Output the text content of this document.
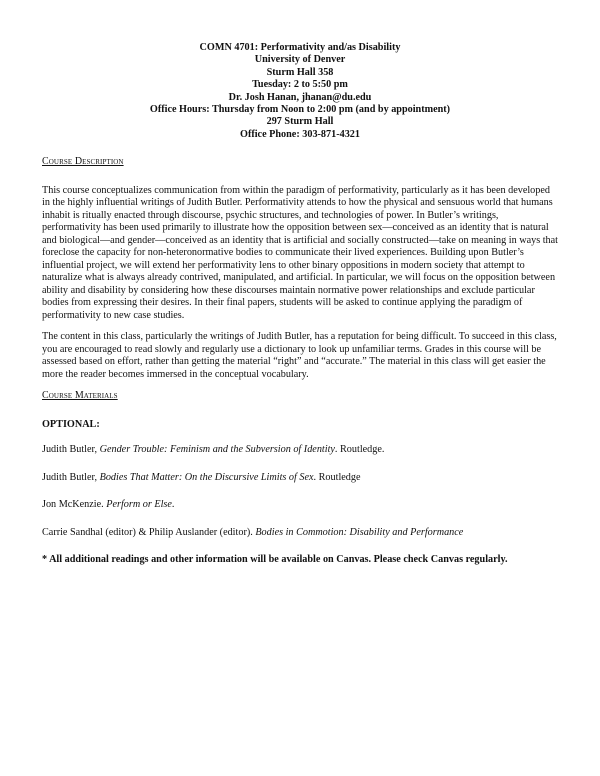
COMN 4701: Performativity and/as Disability
University of Denver
Sturm Hall 358
Tuesday: 2 to 5:50 pm
Dr. Josh Hanan, jhanan@du.edu
Office Hours: Thursday from Noon to 2:00 pm (and by appointment)
297 Sturm Hall
Office Phone: 303-871-4321
Course Description

This course conceptualizes communication from within the paradigm of performativity, particularly as it has been developed in the highly influential writings of Judith Butler. Performativity attends to how the physical and sensuous world that humans inhabit is ritually enacted through discourse, psychic structures, and technologies of power. In Butler’s writings, performativity has been used primarily to illustrate how the opposition between sex—conceived as an identity that is natural and biological—and gender—conceived as an identity that is artificial and socially constructed—take on meaning in ways that foreclose the capacity for non-heteronormative bodies to communicate their lived experiences. Building upon Butler’s influential project, we will extend her performativity lens to other binary oppositions in modern society that attempt to naturalize what is always already contrived, manipulated, and artificial. In particular, we will focus on the opposition between ability and disability by considering how these discourses maintain normative power relationships and exclude particular bodies from expressing their desires. In their final papers, students will be asked to continue applying the paradigm of performativity to new case studies.

The content in this class, particularly the writings of Judith Butler, has a reputation for being difficult. To succeed in this class, you are encouraged to read slowly and regularly use a dictionary to look up unfamiliar terms. Grades in this course will be assessed based on effort, rather than getting the material “right” and “accurate.” The material in this class will get easier the more the reader becomes immersed in the conceptual vocabulary.

Course Materials
OPTIONAL:
Judith Butler, Gender Trouble: Feminism and the Subversion of Identity. Routledge.
Judith Butler, Bodies That Matter: On the Discursive Limits of Sex. Routledge
Jon McKenzie. Perform or Else.
Carrie Sandhal (editor) & Philip Auslander (editor). Bodies in Commotion: Disability and Performance
* All additional readings and other information will be available on Canvas. Please check Canvas regularly.
